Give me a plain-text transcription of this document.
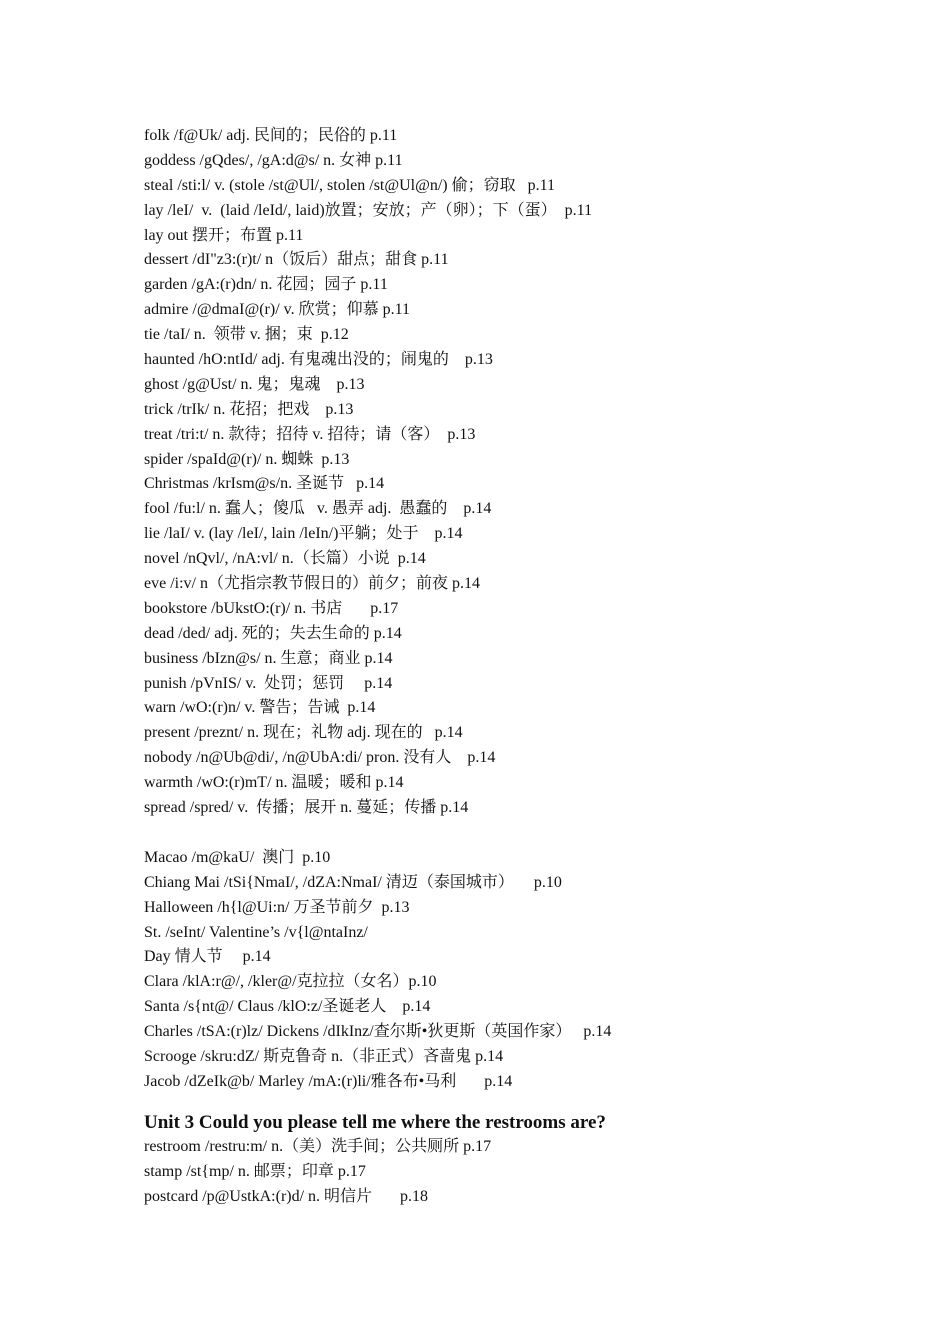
folk /f@Uk/ adj. 民间的；民俗的 p.11
goddess /gQdes/, /gA:d@s/ n. 女神 p.11
steal /sti:l/ v. (stole /st@Ul/, stolen /st@Ul@n/) 偷；窃取   p.11
lay /leI/  v.  (laid /leId/, laid)放置；安放；产（卵）；下（蛋）  p.11
lay out 摆开；布置 p.11
dessert /dI"z3:(r)t/ n（饭后）甜点；甜食 p.11
garden /gA:(r)dn/ n. 花园；园子 p.11
admire /@dmaI@(r)/ v. 欣赏；仰慕 p.11
tie /taI/ n.  领带 v. 捆；束  p.12
haunted /hO:ntId/ adj. 有鬼魂出没的；闹鬼的    p.13
ghost /g@Ust/ n. 鬼；鬼魂    p.13
trick /trIk/ n. 花招；把戏    p.13
treat /tri:t/ n. 款待；招待 v. 招待；请（客）  p.13
spider /spaId@(r)/ n. 蜘蛛  p.13
Christmas /krIsm@s/n. 圣诞节   p.14
fool /fu:l/ n. 蠢人；傻瓜   v. 愚弄 adj.  愚蠢的    p.14
lie /laI/ v. (lay /leI/, lain /leIn/)平躺；处于    p.14
novel /nQvl/, /nA:vl/ n.（长篇）小说  p.14
eve /i:v/ n（尤指宗教节假日的）前夕；前夜 p.14
bookstore /bUkstO:(r)/ n. 书店       p.17
dead /ded/ adj. 死的；失去生命的 p.14
business /bIzn@s/ n. 生意；商业 p.14
punish /pVnIS/ v.  处罚；惩罚     p.14
warn /wO:(r)n/ v. 警告；告诫  p.14
present /preznt/ n. 现在；礼物 adj. 现在的   p.14
nobody /n@Ub@di/, /n@UbA:di/ pron. 没有人    p.14
warmth /wO:(r)mT/ n. 温暖；暖和 p.14
spread /spred/ v.  传播；展开 n. 蔓延；传播 p.14
Macao /m@kaU/  澳门  p.10
Chiang Mai /tSi{NmaI/, /dZA:NmaI/ 清迈（泰国城市）     p.10
Halloween /h{l@Ui:n/ 万圣节前夕  p.13
St. /seInt/ Valentine’s /v{l@ntaInz/
Day 情人节     p.14
Clara /klA:r@/, /kler@/克拉拉（女名）p.10
Santa /s{nt@/ Claus /klO:z/圣诞老人    p.14
Charles /tSA:(r)lz/ Dickens /dIkInz/查尔斯•狄更斯（英国作家）   p.14
Scrooge /skru:dZ/ 斯克鲁奇 n.（非正式）吝啬鬼 p.14
Jacob /dZeIk@b/ Marley /mA:(r)li/雅各布•马利       p.14
Unit 3 Could you please tell me where the restrooms are?
restroom /restru:m/ n.（美）洗手间；公共厕所 p.17
stamp /st{mp/ n. 邮票；印章 p.17
postcard /p@UstkA:(r)d/ n. 明信片       p.18
